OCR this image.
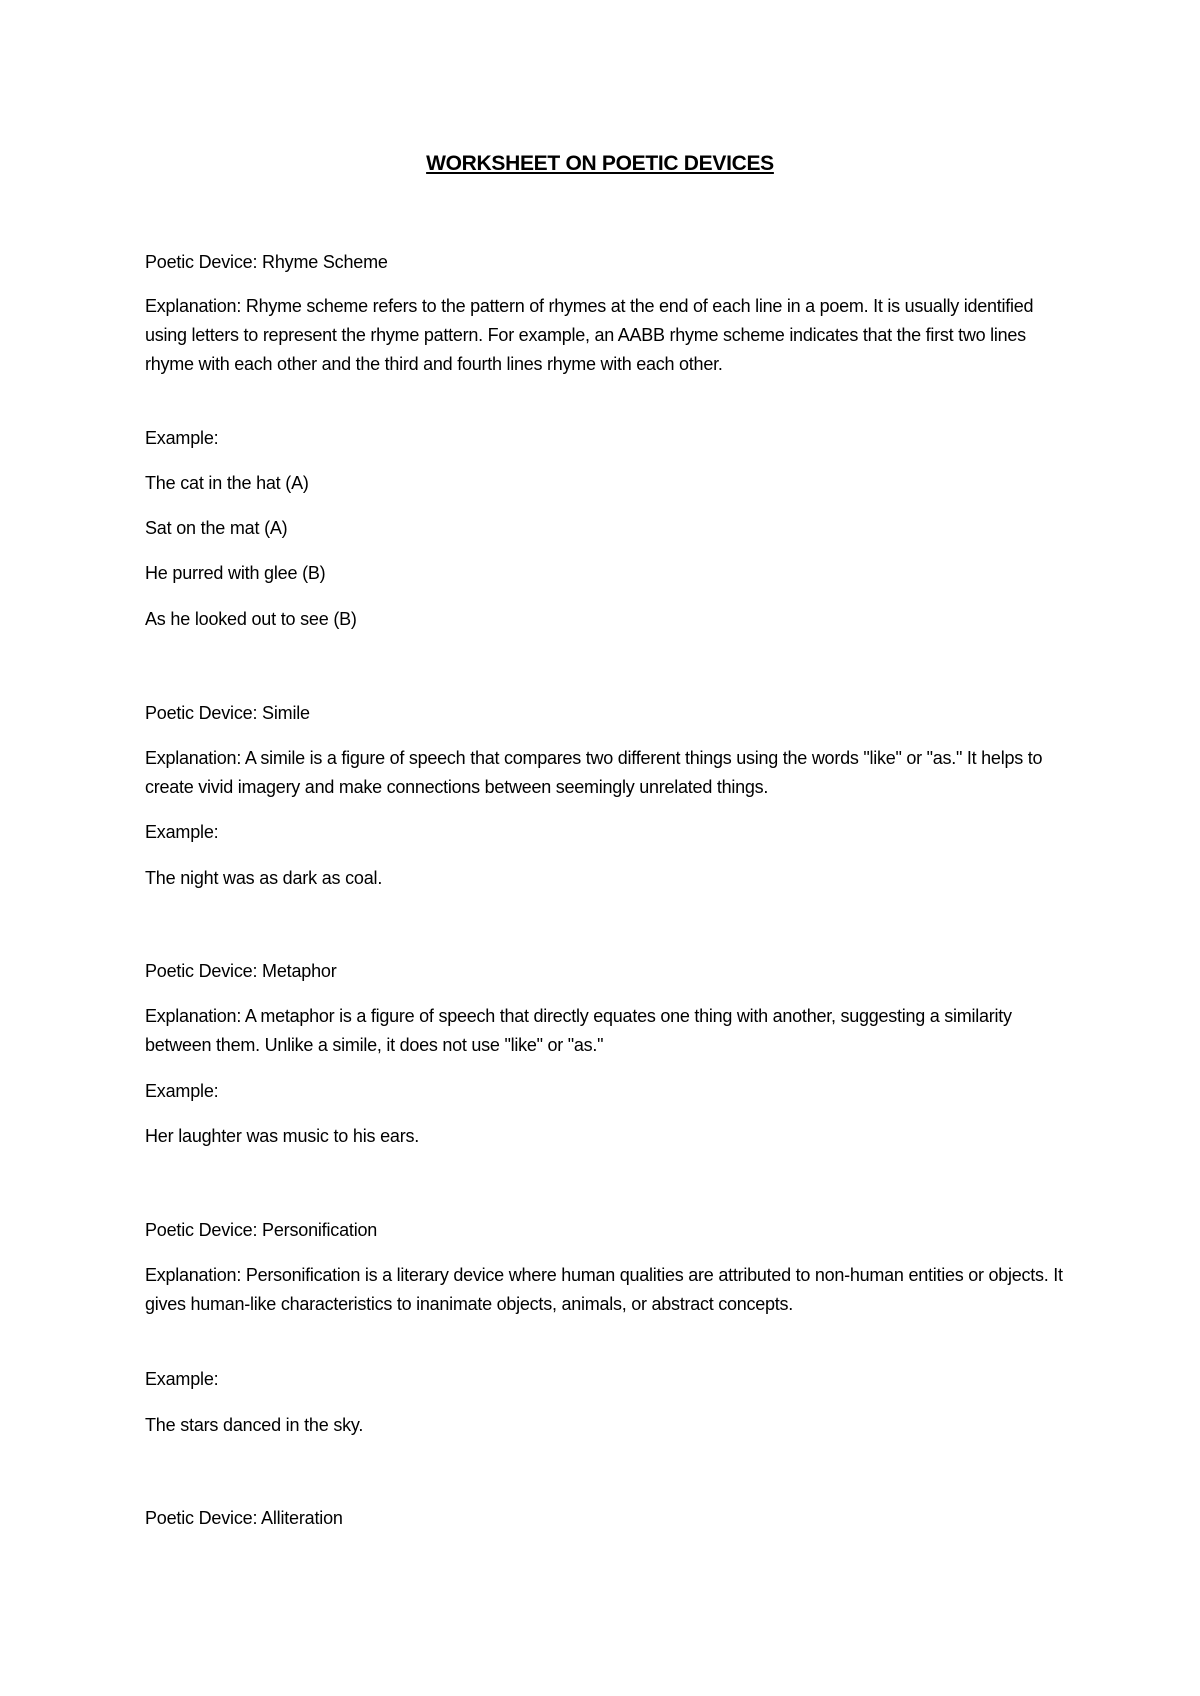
WORKSHEET ON POETIC DEVICES
Poetic Device: Rhyme Scheme
Explanation: Rhyme scheme refers to the pattern of rhymes at the end of each line in a poem. It is usually identified using letters to represent the rhyme pattern. For example, an AABB rhyme scheme indicates that the first two lines rhyme with each other and the third and fourth lines rhyme with each other.
Example:
The cat in the hat (A)
Sat on the mat (A)
He purred with glee (B)
As he looked out to see (B)
Poetic Device: Simile
Explanation: A simile is a figure of speech that compares two different things using the words "like" or "as." It helps to create vivid imagery and make connections between seemingly unrelated things.
Example:
The night was as dark as coal.
Poetic Device: Metaphor
Explanation: A metaphor is a figure of speech that directly equates one thing with another, suggesting a similarity between them. Unlike a simile, it does not use "like" or "as."
Example:
Her laughter was music to his ears.
Poetic Device: Personification
Explanation: Personification is a literary device where human qualities are attributed to non-human entities or objects. It gives human-like characteristics to inanimate objects, animals, or abstract concepts.
Example:
The stars danced in the sky.
Poetic Device: Alliteration
